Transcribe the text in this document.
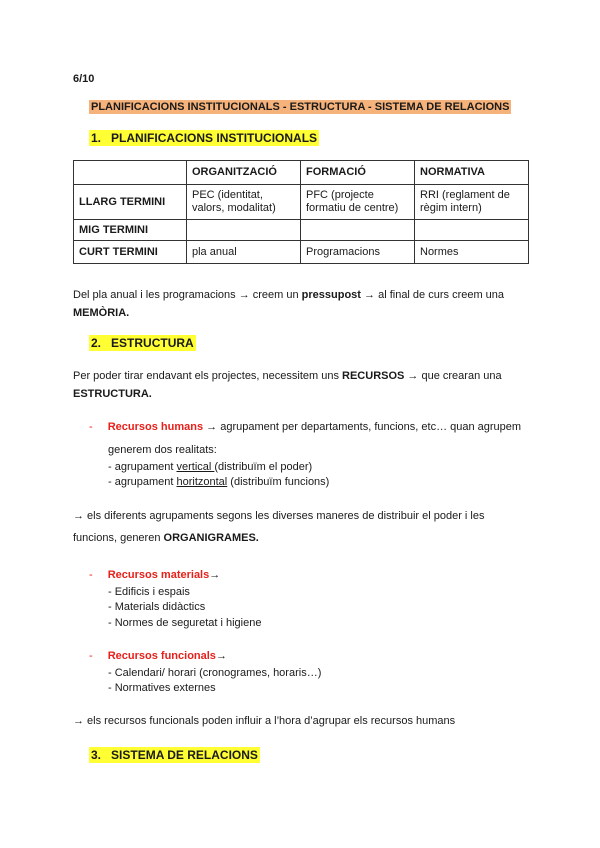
6/10
PLANIFICACIONS INSTITUCIONALS - ESTRUCTURA - SISTEMA DE RELACIONS
1. PLANIFICACIONS INSTITUCIONALS
	ORGANITZACIÓ	FORMACIÓ	NORMATIVA
LLARG TERMINI	PEC (identitat, valors, modalitat)	PFC (projecte formatiu de centre)	RRI (reglament de règim intern)
MIG TERMINI			
CURT TERMINI	pla anual	Programacions	Normes
Del pla anual i les programacions → creem un pressupost → al final de curs creem una
MEMÒRIA.
2. ESTRUCTURA
Per poder tirar endavant els projectes, necessitem uns RECURSOS → que crearan una
ESTRUCTURA.
- Recursos humans → agrupament per departaments, funcions, etc… quan agrupem
generem dos realitats:
- agrupament vertical (distribuïm el poder)
- agrupament horitzontal (distribuïm funcions)
→ els diferents agrupaments segons les diverses maneres de distribuir el poder i les
funcions, generen ORGANIGRAMES.
- Recursos materials→
- Edificis i espais
- Materials didàctics
- Normes de seguretat i higiene
- Recursos funcionals→
- Calendari/ horari (cronogrames, horaris…)
- Normatives externes
→ els recursos funcionals poden influir a l’hora d’agrupar els recursos humans
3. SISTEMA DE RELACIONS
